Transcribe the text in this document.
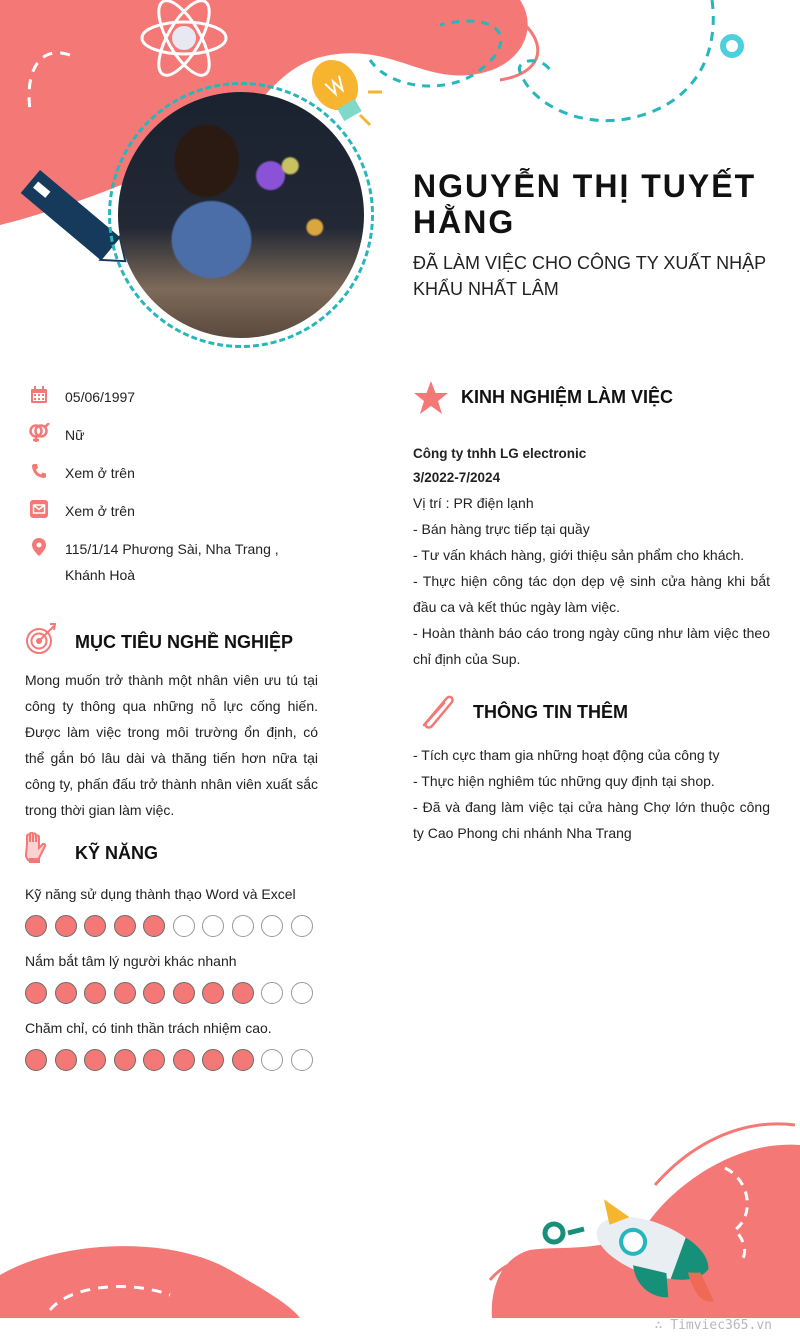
NGUYỄN THỊ TUYẾT HẰNG
ĐÃ LÀM VIỆC CHO CÔNG TY XUẤT NHẬP KHẨU NHẤT LÂM
05/06/1997
Nữ
Xem ở trên
Xem ở trên
115/1/14 Phương Sài, Nha Trang , Khánh Hoà
MỤC TIÊU NGHỀ NGHIỆP
Mong muốn trở thành một nhân viên ưu tú tại công ty thông qua những nỗ lực cống hiến. Được làm việc trong môi trường ổn định, có thể gắn bó lâu dài và thăng tiến hơn nữa tại công ty, phấn đấu trở thành nhân viên xuất sắc trong thời gian làm việc.
KỸ NĂNG
Kỹ năng sử dụng thành thạo Word và Excel
Nắm bắt tâm lý người khác nhanh
Chăm chỉ, có tinh thần trách nhiệm cao.
KINH NGHIỆM LÀM VIỆC
Công ty tnhh LG electronic
3/2022-7/2024
Vị trí : PR điện lạnh
- Bán hàng trực tiếp tại quầy
- Tư vấn khách hàng, giới thiệu sản phẩm cho khách.
- Thực hiện công tác dọn dẹp vệ sinh cửa hàng khi bắt đầu ca và kết thúc ngày làm việc.
- Hoàn thành báo cáo trong ngày cũng như làm việc theo chỉ định của Sup.
THÔNG TIN THÊM
- Tích cực tham gia những hoạt động của công ty
- Thực hiện nghiêm túc những quy định tại shop.
- Đã và đang làm việc tại cửa hàng Chợ lớn thuộc công ty Cao Phong chi nhánh Nha Trang
∴ Timviec365.vn
